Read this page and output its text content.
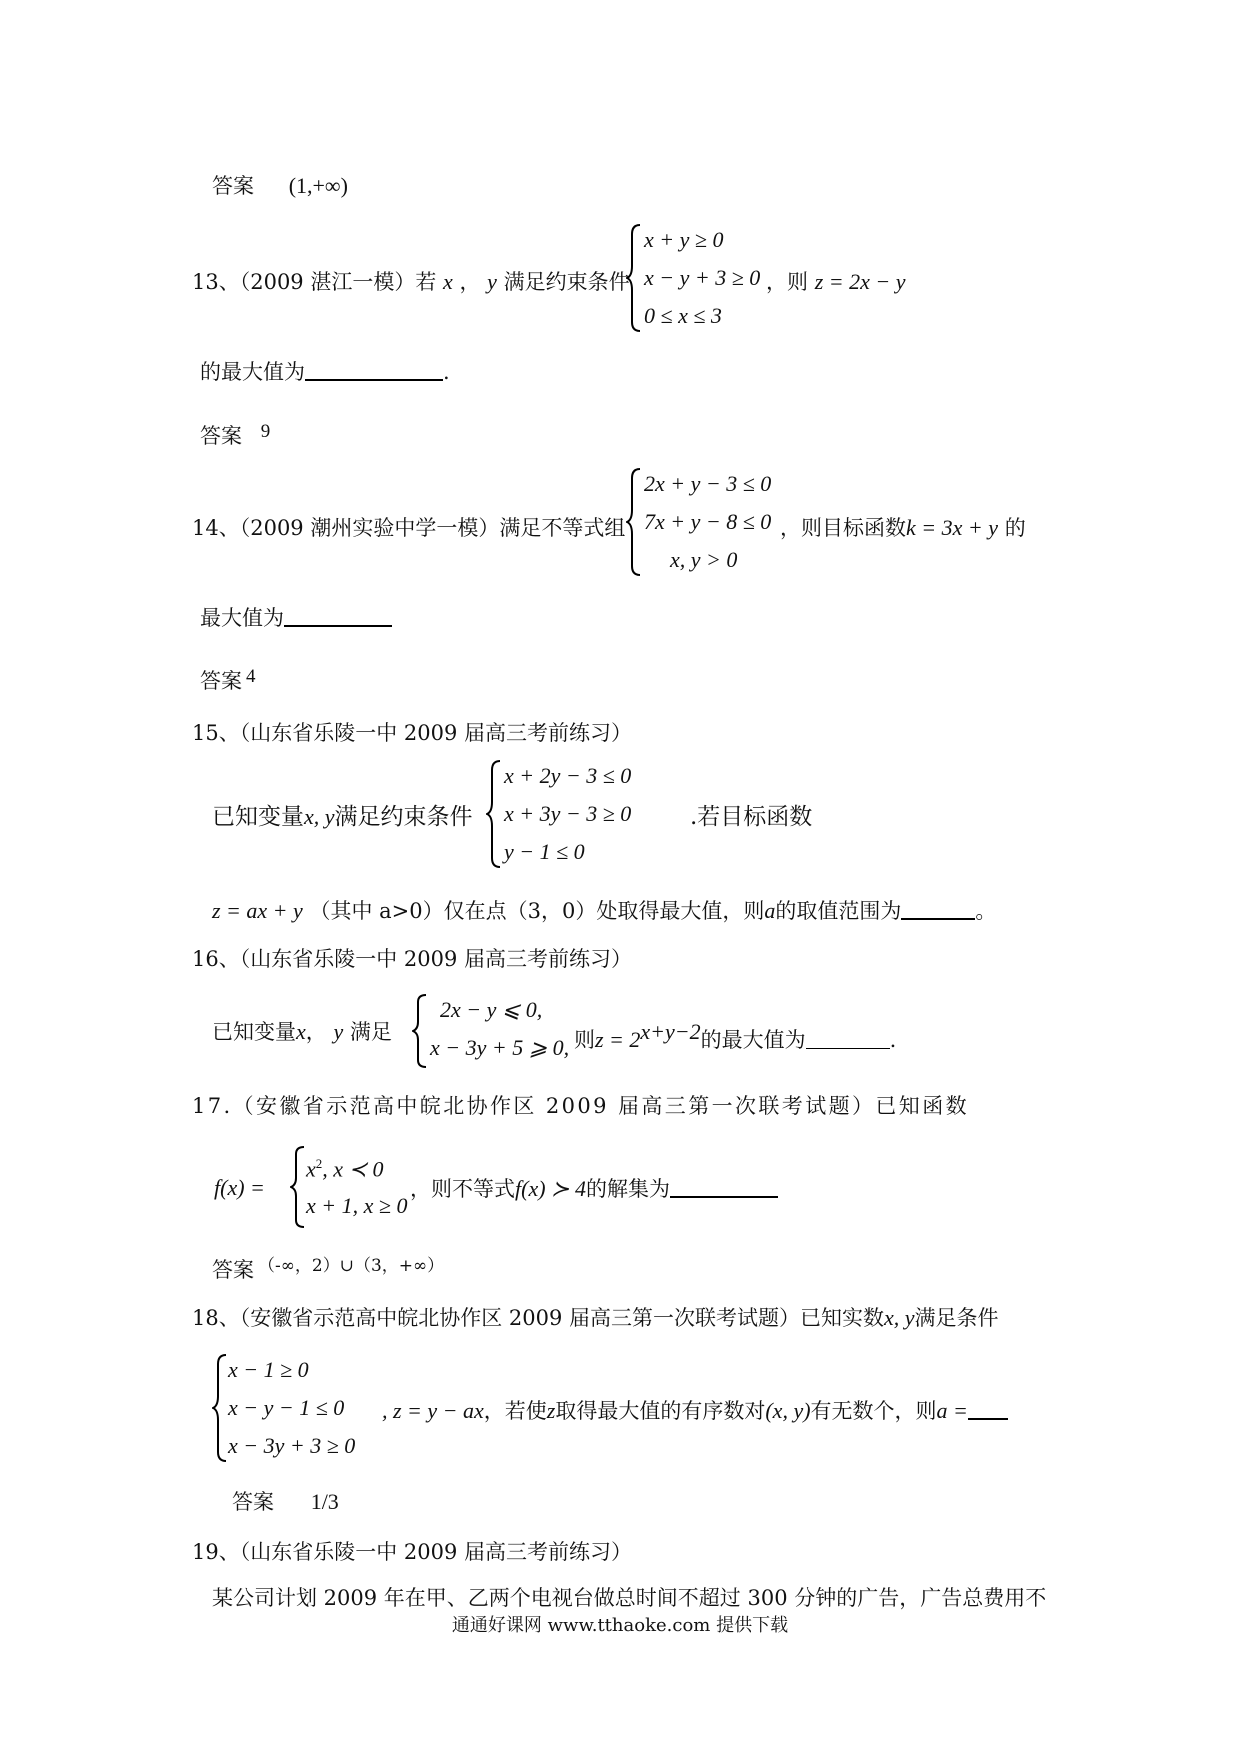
答案 (1,+∞)
13、（2009 湛江一模）若 x ， y 满足约束条件
x + y ≥ 0
x − y + 3 ≥ 0
0 ≤ x ≤ 3
，则 z = 2x − y
的最大值为	.
答案 9
14、（2009 潮州实验中学一模）满足不等式组
2x + y − 3 ≤ 0
7x + y − 8 ≤ 0
x, y > 0
，则目标函数k = 3x + y 的
最大值为
答案 4
15、（山东省乐陵一中 2009 届高三考前练习）
已知变量x, y满足约束条件
x + 2y − 3 ≤ 0
x + 3y − 3 ≥ 0
y − 1 ≤ 0
.若目标函数
z = ax + y （其中 a>0）仅在点（3，0）处取得最大值，则a的取值范围为	。
16、（山东省乐陵一中 2009 届高三考前练习）
已知变量x， y 满足
2x − y ⩽ 0,
x − 3y + 5 ⩾ 0, 则$z = 2^{x+y-2}$的最大值为	.
17.（安徽省示范高中皖北协作区 2009 届高三第一次联考试题）已知函数
f(x) =
$x^2$, x ≺ 0
x + 1, x ≥ 0
，则不等式f(x) ≻ 4的解集为
答案 $^{(-\infty,2)\cup(3,+\infty)}$
18、（安徽省示范高中皖北协作区 2009 届高三第一次联考试题）已知实数x, y满足条件
x − 1 ≥ 0
x − y − 1 ≤ 0
x − 3y + 3 ≥ 0
, z = y − ax，若使z取得最大值的有序数对(x, y)有无数个，则a =
答案 1/3
19、（山东省乐陵一中 2009 届高三考前练习）
某公司计划 2009 年在甲、乙两个电视台做总时间不超过 300 分钟的广告，广告总费用不
通通好课网 www.tthaoke.com 提供下载
